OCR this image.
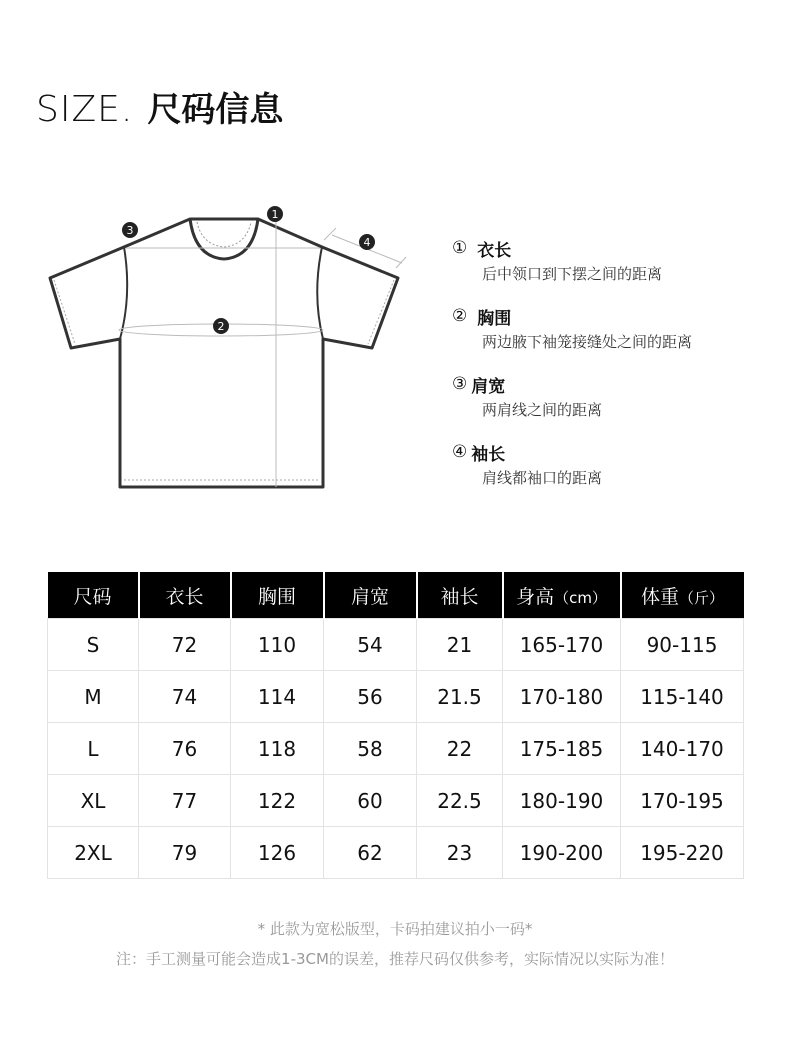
SIZE. 尺码信息
1
2
3
4	① 衣长
后中领口到下摆之间的距离
② 胸围
两边腋下袖笼接缝处之间的距离
③ 肩宽
两肩线之间的距离
④ 袖长
肩线都袖口的距离
尺码	衣长	胸围	肩宽	袖长	身高（cm）	体重（斤）
S	72	110	54	21	165-170	90-115
M	74	114	56	21.5	170-180	115-140
L	76	118	58	22	175-185	140-170
XL	77	122	60	22.5	180-190	170-195
2XL	79	126	62	23	190-200	195-220
* 此款为宽松版型，卡码拍建议拍小一码*
注：手工测量可能会造成1-3CM的误差，推荐尺码仅供参考，实际情况以实际为准！
